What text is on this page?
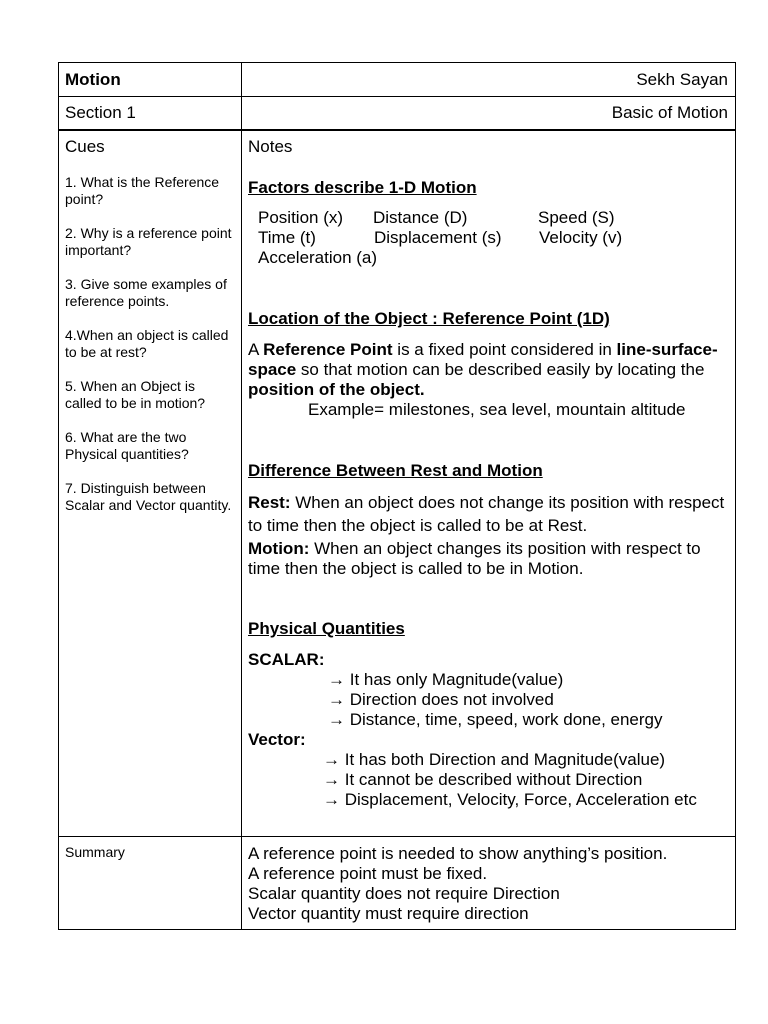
Motion	Sekh Sayan
Section 1	Basic of Motion
Cues
1. What is the Reference point?
2. Why is a reference point important?
3. Give some examples of reference points.
4.When an object is called to be at rest?
5. When an Object is called to be in motion?
6. What are the two Physical quantities?
7. Distinguish between Scalar and Vector quantity.
Notes
Factors describe 1-D Motion
Position (x) Distance (D)	Speed (S)
Time (t)	Displacement (s) Velocity (v)
Acceleration (a)
Location of the Object : Reference Point (1D)
A Reference Point is a fixed point considered in line-surface-space so that motion can be described easily by locating the position of the object.
Example= milestones, sea level, mountain altitude
Difference Between Rest and Motion
Rest: When an object does not change its position with respect to time then the object is called to be at Rest.
Motion: When an object changes its position with respect to time then the object is called to be in Motion.
Physical Quantities
SCALAR:
→ It has only Magnitude(value)
→ Direction does not involved
→ Distance, time, speed, work done, energy
Vector:
→ It has both Direction and Magnitude(value)
→ It cannot be described without Direction
→ Displacement, Velocity, Force, Acceleration etc
Summary	A reference point is needed to show anything’s position.
A reference point must be fixed.
Scalar quantity does not require Direction
Vector quantity must require direction
